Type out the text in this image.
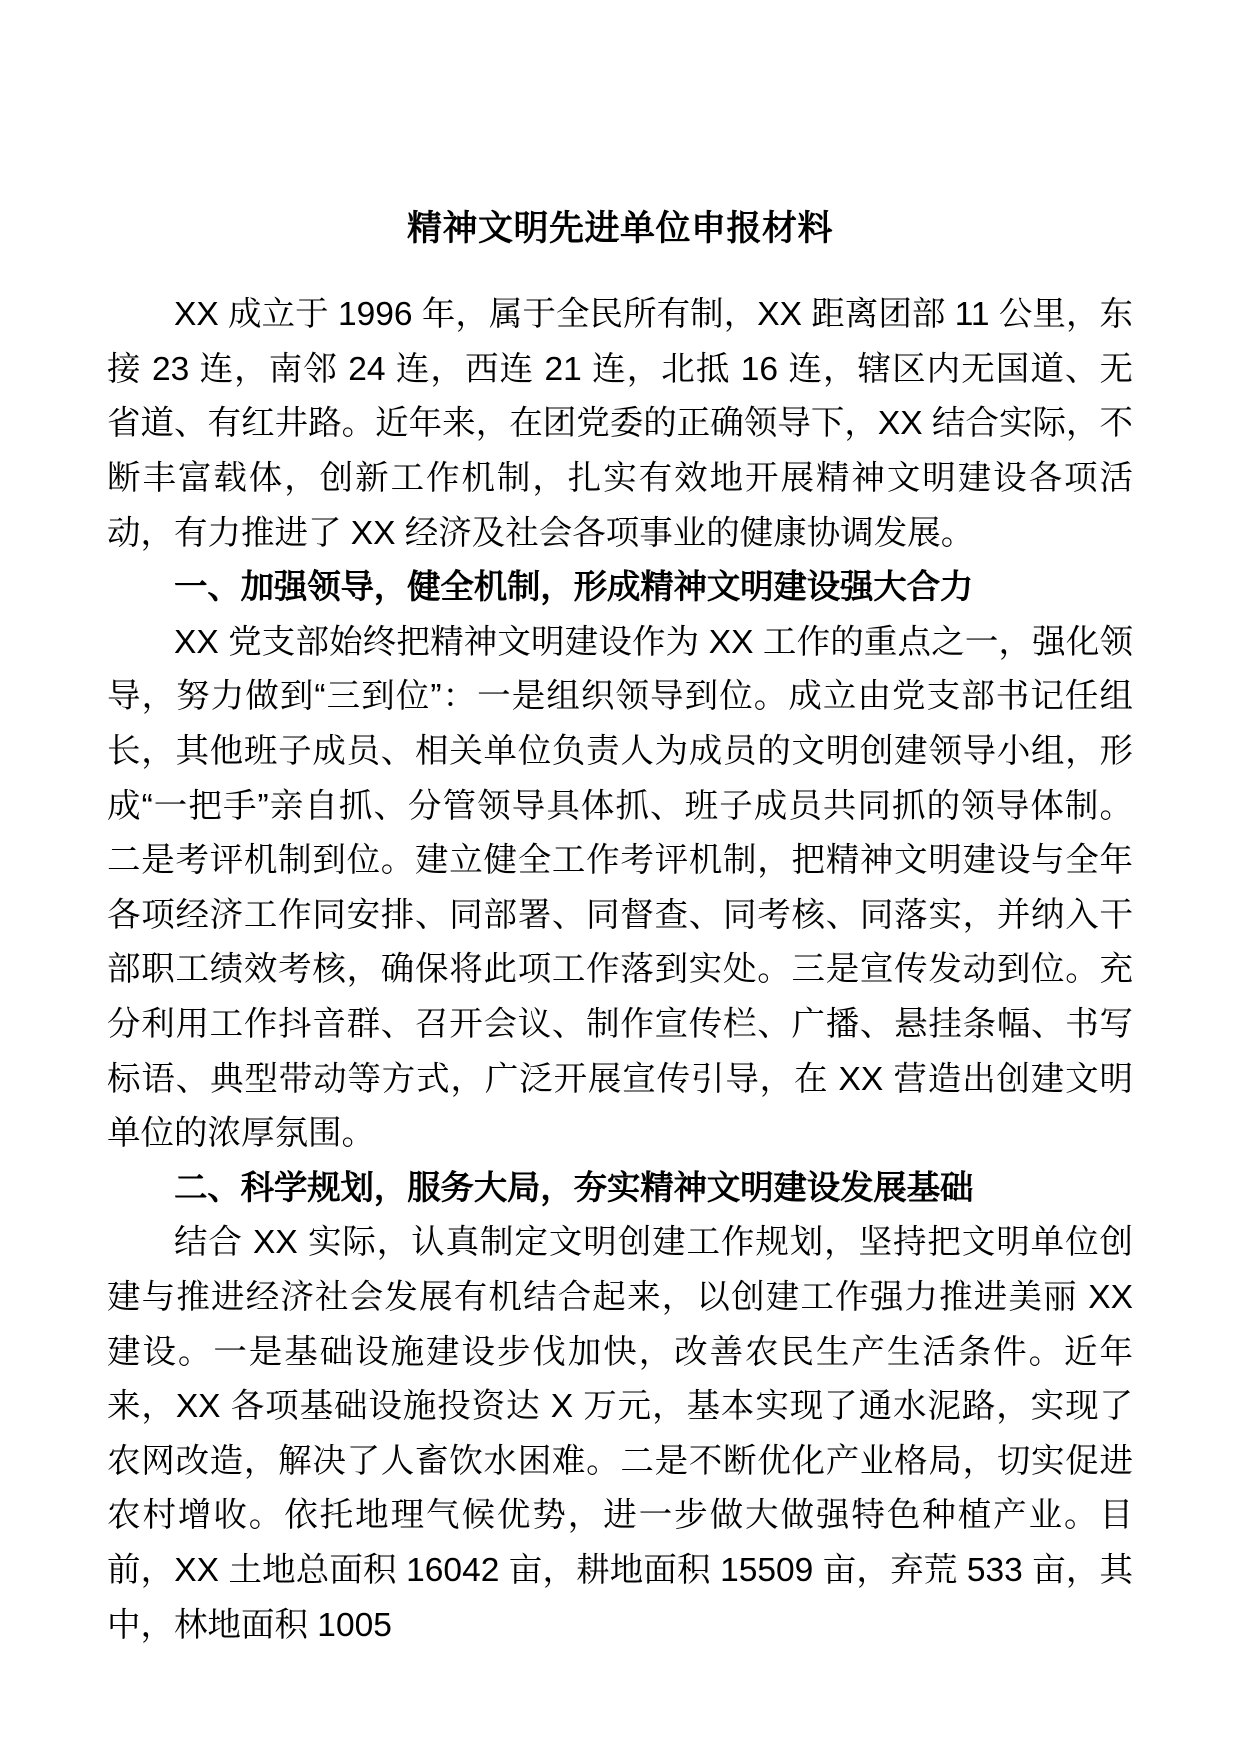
精神文明先进单位申报材料

XX 成立于 1996 年，属于全民所有制，XX 距离团部 11 公里，东接 23 连，南邻 24 连，西连 21 连，北抵 16 连，辖区内无国道、无省道、有红井路。近年来，在团党委的正确领导下，XX 结合实际，不断丰富载体，创新工作机制，扎实有效地开展精神文明建设各项活动，有力推进了 XX 经济及社会各项事业的健康协调发展。

一、加强领导，健全机制，形成精神文明建设强大合力

XX 党支部始终把精神文明建设作为 XX 工作的重点之一，强化领导，努力做到“三到位”：一是组织领导到位。成立由党支部书记任组长，其他班子成员、相关单位负责人为成员的文明创建领导小组，形成“一把手”亲自抓、分管领导具体抓、班子成员共同抓的领导体制。二是考评机制到位。建立健全工作考评机制，把精神文明建设与全年各项经济工作同安排、同部署、同督查、同考核、同落实，并纳入干部职工绩效考核，确保将此项工作落到实处。三是宣传发动到位。充分利用工作抖音群、召开会议、制作宣传栏、广播、悬挂条幅、书写标语、典型带动等方式，广泛开展宣传引导，在 XX 营造出创建文明单位的浓厚氛围。

二、科学规划，服务大局，夯实精神文明建设发展基础

结合 XX 实际，认真制定文明创建工作规划，坚持把文明单位创建与推进经济社会发展有机结合起来，以创建工作强力推进美丽 XX 建设。一是基础设施建设步伐加快，改善农民生产生活条件。近年来，XX 各项基础设施投资达 X 万元，基本实现了通水泥路，实现了农网改造，解决了人畜饮水困难。二是不断优化产业格局，切实促进农村增收。依托地理气候优势，进一步做大做强特色种植产业。目前，XX 土地总面积 16042 亩，耕地面积 15509 亩，弃荒 533 亩，其中，林地面积 1005
